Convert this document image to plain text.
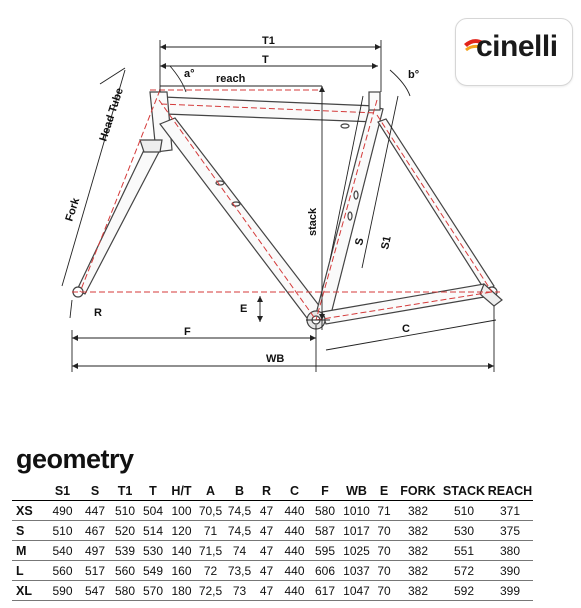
T1
T
a°	b°
reach
Head Tube
Fork	stack
S S1
R	E
F	C
WB
cinelli
geometry
	S1	S	T1	T	H/T	A	B	R	C	F	WB	E	FORK	STACK	REACH
XS	490	447	510	504	100	70,5	74,5	47	440	580	1010	71	382	510	371
S	510	467	520	514	120	71	74,5	47	440	587	1017	70	382	530	375
M	540	497	539	530	140	71,5	74	47	440	595	1025	70	382	551	380
L	560	517	560	549	160	72	73,5	47	440	606	1037	70	382	572	390
XL	590	547	580	570	180	72,5	73	47	440	617	1047	70	382	592	399
